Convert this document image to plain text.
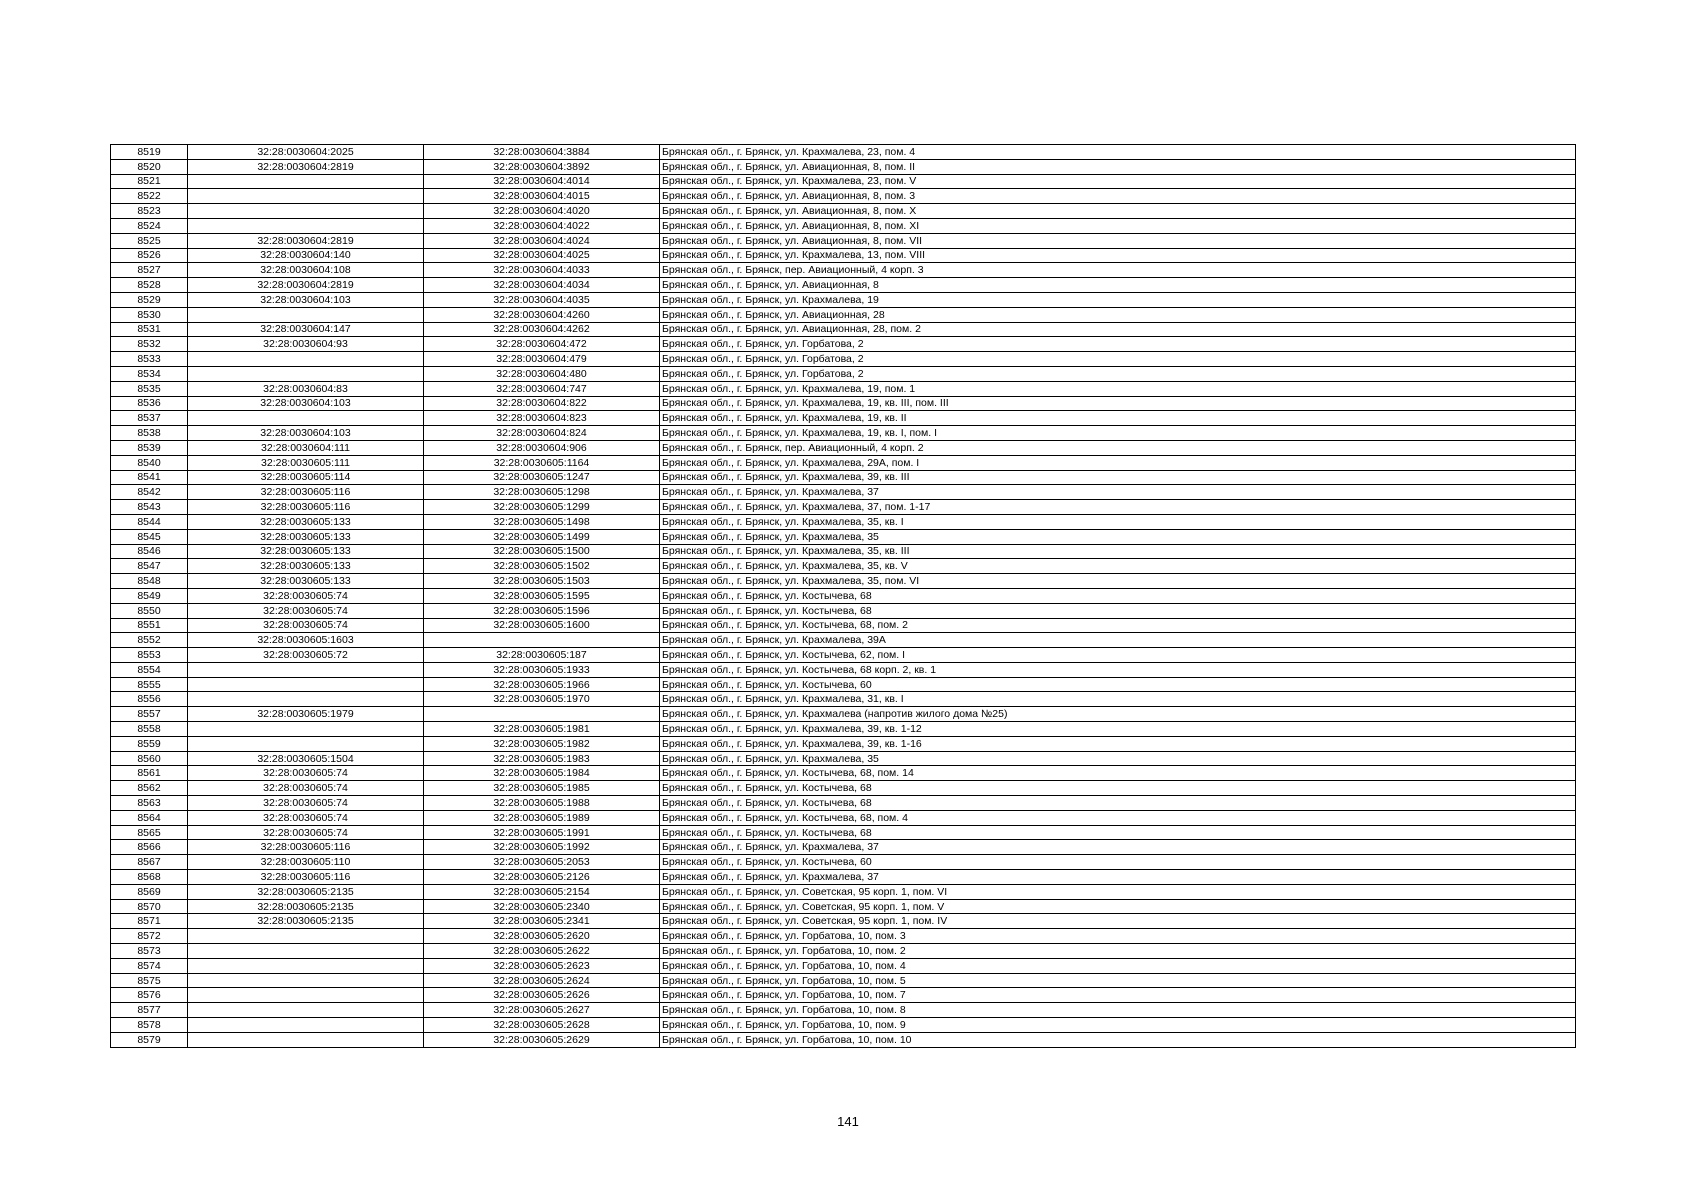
8519	32:28:0030604:2025	32:28:0030604:3884	Брянская обл., г. Брянск, ул. Крахмалева, 23, пом. 4
8520	32:28:0030604:2819	32:28:0030604:3892	Брянская обл., г. Брянск, ул. Авиационная, 8, пом. II
8521		32:28:0030604:4014	Брянская обл., г. Брянск, ул. Крахмалева, 23, пом. V
8522		32:28:0030604:4015	Брянская обл., г. Брянск, ул. Авиационная, 8, пом. 3
8523		32:28:0030604:4020	Брянская обл., г. Брянск, ул. Авиационная, 8, пом. X
8524		32:28:0030604:4022	Брянская обл., г. Брянск, ул. Авиационная, 8, пом. XI
8525	32:28:0030604:2819	32:28:0030604:4024	Брянская обл., г. Брянск, ул. Авиационная, 8, пом. VII
8526	32:28:0030604:140	32:28:0030604:4025	Брянская обл., г. Брянск, ул. Крахмалева, 13, пом. VIII
8527	32:28:0030604:108	32:28:0030604:4033	Брянская обл., г. Брянск, пер. Авиационный, 4 корп. 3
8528	32:28:0030604:2819	32:28:0030604:4034	Брянская обл., г. Брянск, ул. Авиационная, 8
8529	32:28:0030604:103	32:28:0030604:4035	Брянская обл., г. Брянск, ул. Крахмалева, 19
8530		32:28:0030604:4260	Брянская обл., г. Брянск, ул. Авиационная, 28
8531	32:28:0030604:147	32:28:0030604:4262	Брянская обл., г. Брянск, ул. Авиационная, 28, пом. 2
8532	32:28:0030604:93	32:28:0030604:472	Брянская обл., г. Брянск, ул. Горбатова, 2
8533		32:28:0030604:479	Брянская обл., г. Брянск, ул. Горбатова, 2
8534		32:28:0030604:480	Брянская обл., г. Брянск, ул. Горбатова, 2
8535	32:28:0030604:83	32:28:0030604:747	Брянская обл., г. Брянск, ул. Крахмалева, 19, пом. 1
8536	32:28:0030604:103	32:28:0030604:822	Брянская обл., г. Брянск, ул. Крахмалева, 19, кв. III, пом. III
8537		32:28:0030604:823	Брянская обл., г. Брянск, ул. Крахмалева, 19, кв. II
8538	32:28:0030604:103	32:28:0030604:824	Брянская обл., г. Брянск, ул. Крахмалева, 19, кв. I, пом. I
8539	32:28:0030604:111	32:28:0030604:906	Брянская обл., г. Брянск, пер. Авиационный, 4 корп. 2
8540	32:28:0030605:111	32:28:0030605:1164	Брянская обл., г. Брянск, ул. Крахмалева, 29А, пом. I
8541	32:28:0030605:114	32:28:0030605:1247	Брянская обл., г. Брянск, ул. Крахмалева, 39, кв. III
8542	32:28:0030605:116	32:28:0030605:1298	Брянская обл., г. Брянск, ул. Крахмалева, 37
8543	32:28:0030605:116	32:28:0030605:1299	Брянская обл., г. Брянск, ул. Крахмалева, 37, пом. 1-17
8544	32:28:0030605:133	32:28:0030605:1498	Брянская обл., г. Брянск, ул. Крахмалева, 35, кв. I
8545	32:28:0030605:133	32:28:0030605:1499	Брянская обл., г. Брянск, ул. Крахмалева, 35
8546	32:28:0030605:133	32:28:0030605:1500	Брянская обл., г. Брянск, ул. Крахмалева, 35, кв. III
8547	32:28:0030605:133	32:28:0030605:1502	Брянская обл., г. Брянск, ул. Крахмалева, 35, кв. V
8548	32:28:0030605:133	32:28:0030605:1503	Брянская обл., г. Брянск, ул. Крахмалева, 35, пом. VI
8549	32:28:0030605:74	32:28:0030605:1595	Брянская обл., г. Брянск, ул. Костычева, 68
8550	32:28:0030605:74	32:28:0030605:1596	Брянская обл., г. Брянск, ул. Костычева, 68
8551	32:28:0030605:74	32:28:0030605:1600	Брянская обл., г. Брянск, ул. Костычева, 68, пом. 2
8552	32:28:0030605:1603		Брянская обл., г. Брянск, ул. Крахмалева, 39А
8553	32:28:0030605:72	32:28:0030605:187	Брянская обл., г. Брянск, ул. Костычева, 62, пом. I
8554		32:28:0030605:1933	Брянская обл., г. Брянск, ул. Костычева, 68 корп. 2, кв. 1
8555		32:28:0030605:1966	Брянская обл., г. Брянск, ул. Костычева, 60
8556		32:28:0030605:1970	Брянская обл., г. Брянск, ул. Крахмалева, 31, кв. I
8557	32:28:0030605:1979		Брянская обл., г. Брянск, ул. Крахмалева (напротив жилого дома №25)
8558		32:28:0030605:1981	Брянская обл., г. Брянск, ул. Крахмалева, 39, кв. 1-12
8559		32:28:0030605:1982	Брянская обл., г. Брянск, ул. Крахмалева, 39, кв. 1-16
8560	32:28:0030605:1504	32:28:0030605:1983	Брянская обл., г. Брянск, ул. Крахмалева, 35
8561	32:28:0030605:74	32:28:0030605:1984	Брянская обл., г. Брянск, ул. Костычева, 68, пом. 14
8562	32:28:0030605:74	32:28:0030605:1985	Брянская обл., г. Брянск, ул. Костычева, 68
8563	32:28:0030605:74	32:28:0030605:1988	Брянская обл., г. Брянск, ул. Костычева, 68
8564	32:28:0030605:74	32:28:0030605:1989	Брянская обл., г. Брянск, ул. Костычева, 68, пом. 4
8565	32:28:0030605:74	32:28:0030605:1991	Брянская обл., г. Брянск, ул. Костычева, 68
8566	32:28:0030605:116	32:28:0030605:1992	Брянская обл., г. Брянск, ул. Крахмалева, 37
8567	32:28:0030605:110	32:28:0030605:2053	Брянская обл., г. Брянск, ул. Костычева, 60
8568	32:28:0030605:116	32:28:0030605:2126	Брянская обл., г. Брянск, ул. Крахмалева, 37
8569	32:28:0030605:2135	32:28:0030605:2154	Брянская обл., г. Брянск, ул. Советская, 95 корп. 1, пом. VI
8570	32:28:0030605:2135	32:28:0030605:2340	Брянская обл., г. Брянск, ул. Советская, 95 корп. 1, пом. V
8571	32:28:0030605:2135	32:28:0030605:2341	Брянская обл., г. Брянск, ул. Советская, 95 корп. 1, пом. IV
8572		32:28:0030605:2620	Брянская обл., г. Брянск, ул. Горбатова, 10, пом. 3
8573		32:28:0030605:2622	Брянская обл., г. Брянск, ул. Горбатова, 10, пом. 2
8574		32:28:0030605:2623	Брянская обл., г. Брянск, ул. Горбатова, 10, пом. 4
8575		32:28:0030605:2624	Брянская обл., г. Брянск, ул. Горбатова, 10, пом. 5
8576		32:28:0030605:2626	Брянская обл., г. Брянск, ул. Горбатова, 10, пом. 7
8577		32:28:0030605:2627	Брянская обл., г. Брянск, ул. Горбатова, 10, пом. 8
8578		32:28:0030605:2628	Брянская обл., г. Брянск, ул. Горбатова, 10, пом. 9
8579		32:28:0030605:2629	Брянская обл., г. Брянск, ул. Горбатова, 10, пом. 10
141
